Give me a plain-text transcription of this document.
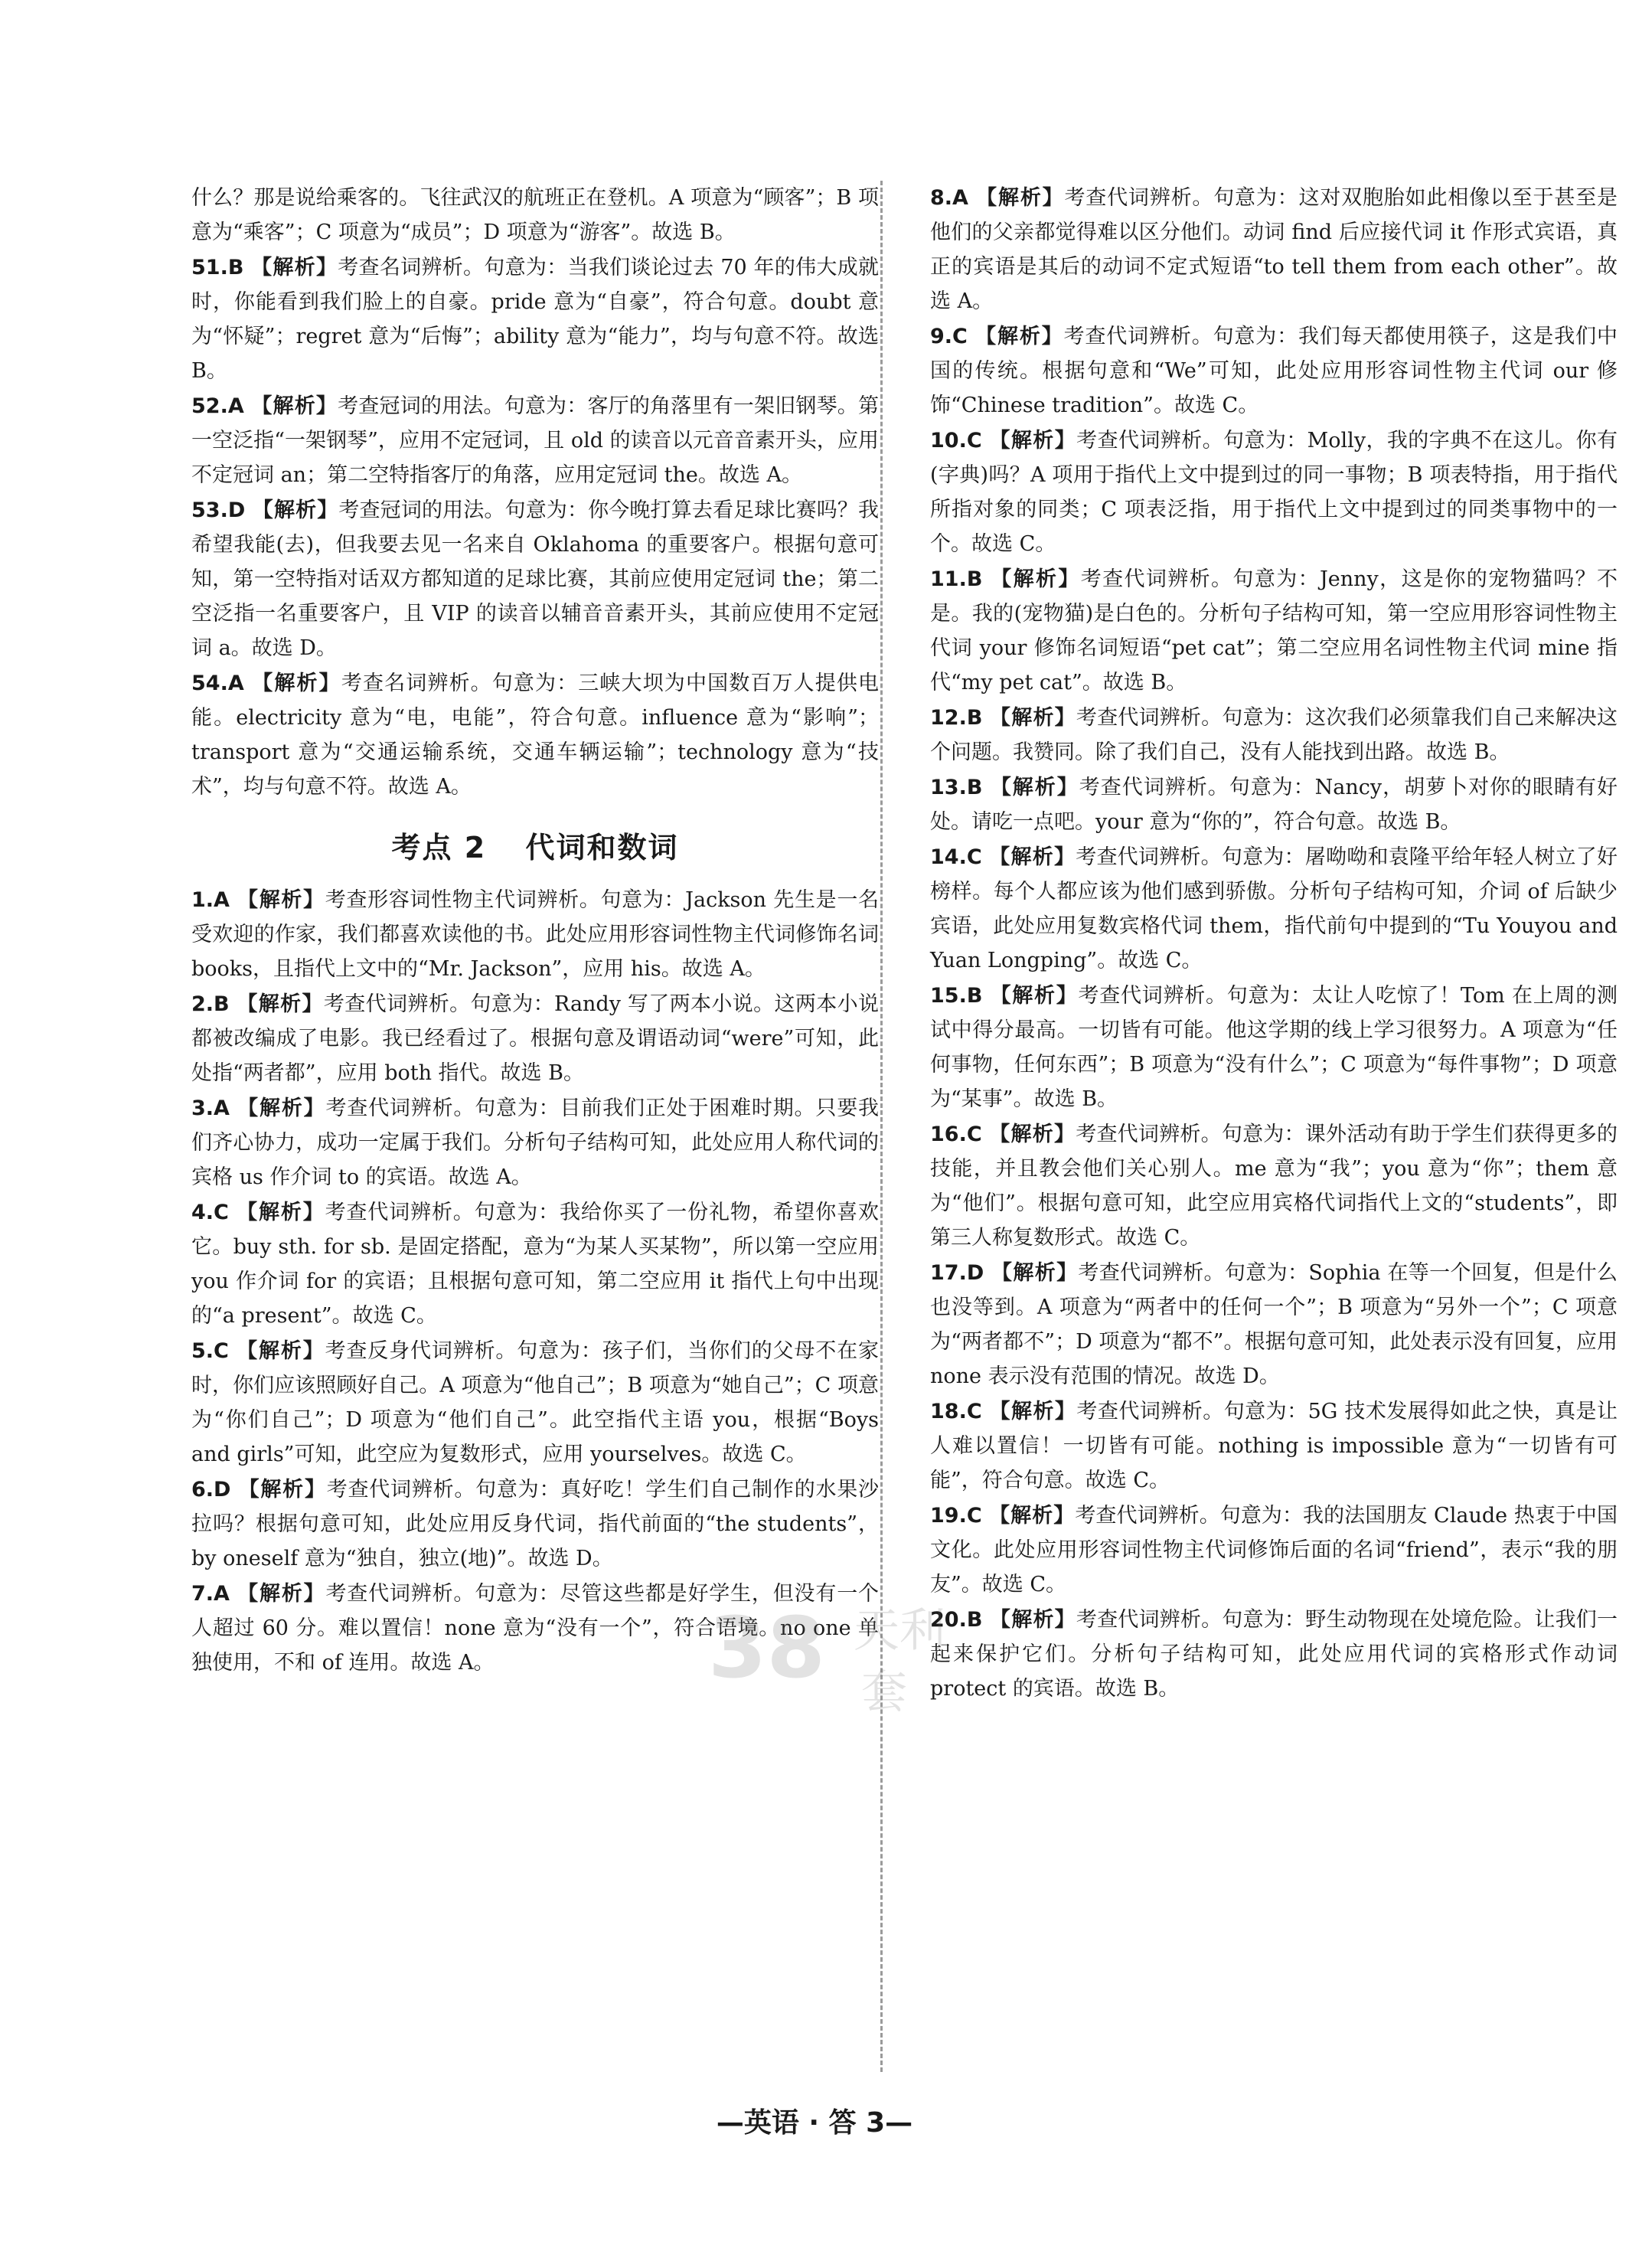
什么？那是说给乘客的。飞往武汉的航班正在登机。A 项意为“顾客”；B 项意为“乘客”；C 项意为“成员”；D 项意为“游客”。故选 B。

51.B 【解析】考查名词辨析。句意为：当我们谈论过去 70 年的伟大成就时，你能看到我们脸上的自豪。pride 意为“自豪”，符合句意。doubt 意为“怀疑”；regret 意为“后悔”；ability 意为“能力”，均与句意不符。故选 B。

52.A 【解析】考查冠词的用法。句意为：客厅的角落里有一架旧钢琴。第一空泛指“一架钢琴”，应用不定冠词，且 old 的读音以元音音素开头，应用不定冠词 an；第二空特指客厅的角落，应用定冠词 the。故选 A。

53.D 【解析】考查冠词的用法。句意为：你今晚打算去看足球比赛吗？我希望我能(去)，但我要去见一名来自 Oklahoma 的重要客户。根据句意可知，第一空特指对话双方都知道的足球比赛，其前应使用定冠词 the；第二空泛指一名重要客户，且 VIP 的读音以辅音音素开头，其前应使用不定冠词 a。故选 D。

54.A 【解析】考查名词辨析。句意为：三峡大坝为中国数百万人提供电能。electricity 意为“电，电能”，符合句意。influence 意为“影响”；transport 意为“交通运输系统，交通车辆运输”；technology 意为“技术”，均与句意不符。故选 A。

考点 2 代词和数词

1.A 【解析】考查形容词性物主代词辨析。句意为：Jackson 先生是一名受欢迎的作家，我们都喜欢读他的书。此处应用形容词性物主代词修饰名词 books，且指代上文中的“Mr. Jackson”，应用 his。故选 A。

2.B 【解析】考查代词辨析。句意为：Randy 写了两本小说。这两本小说都被改编成了电影。我已经看过了。根据句意及谓语动词“were”可知，此处指“两者都”，应用 both 指代。故选 B。

3.A 【解析】考查代词辨析。句意为：目前我们正处于困难时期。只要我们齐心协力，成功一定属于我们。分析句子结构可知，此处应用人称代词的宾格 us 作介词 to 的宾语。故选 A。

4.C 【解析】考查代词辨析。句意为：我给你买了一份礼物，希望你喜欢它。buy sth. for sb. 是固定搭配，意为“为某人买某物”，所以第一空应用 you 作介词 for 的宾语；且根据句意可知，第二空应用 it 指代上句中出现的“a present”。故选 C。

5.C 【解析】考查反身代词辨析。句意为：孩子们，当你们的父母不在家时，你们应该照顾好自己。A 项意为“他自己”；B 项意为“她自己”；C 项意为“你们自己”；D 项意为“他们自己”。此空指代主语 you，根据“Boys and girls”可知，此空应为复数形式，应用 yourselves。故选 C。

6.D 【解析】考查代词辨析。句意为：真好吃！学生们自己制作的水果沙拉吗？根据句意可知，此处应用反身代词，指代前面的“the students”，by oneself 意为“独自，独立(地)”。故选 D。

7.A 【解析】考查代词辨析。句意为：尽管这些都是好学生，但没有一个人超过 60 分。难以置信！none 意为“没有一个”，符合语境。no one 单独使用，不和 of 连用。故选 A。

8.A 【解析】考查代词辨析。句意为：这对双胞胎如此相像以至于甚至是他们的父亲都觉得难以区分他们。动词 find 后应接代词 it 作形式宾语，真正的宾语是其后的动词不定式短语“to tell them from each other”。故选 A。

9.C 【解析】考查代词辨析。句意为：我们每天都使用筷子，这是我们中国的传统。根据句意和“We”可知，此处应用形容词性物主代词 our 修饰“Chinese tradition”。故选 C。

10.C 【解析】考查代词辨析。句意为：Molly，我的字典不在这儿。你有(字典)吗？A 项用于指代上文中提到过的同一事物；B 项表特指，用于指代所指对象的同类；C 项表泛指，用于指代上文中提到过的同类事物中的一个。故选 C。

11.B 【解析】考查代词辨析。句意为：Jenny，这是你的宠物猫吗？不是。我的(宠物猫)是白色的。分析句子结构可知，第一空应用形容词性物主代词 your 修饰名词短语“pet cat”；第二空应用名词性物主代词 mine 指代“my pet cat”。故选 B。

12.B 【解析】考查代词辨析。句意为：这次我们必须靠我们自己来解决这个问题。我赞同。除了我们自己，没有人能找到出路。故选 B。

13.B 【解析】考查代词辨析。句意为：Nancy，胡萝卜对你的眼睛有好处。请吃一点吧。your 意为“你的”，符合句意。故选 B。

14.C 【解析】考查代词辨析。句意为：屠呦呦和袁隆平给年轻人树立了好榜样。每个人都应该为他们感到骄傲。分析句子结构可知，介词 of 后缺少宾语，此处应用复数宾格代词 them，指代前句中提到的“Tu Youyou and Yuan Longping”。故选 C。

15.B 【解析】考查代词辨析。句意为：太让人吃惊了！Tom 在上周的测试中得分最高。一切皆有可能。他这学期的线上学习很努力。A 项意为“任何事物，任何东西”；B 项意为“没有什么”；C 项意为“每件事物”；D 项意为“某事”。故选 B。

16.C 【解析】考查代词辨析。句意为：课外活动有助于学生们获得更多的技能，并且教会他们关心别人。me 意为“我”；you 意为“你”；them 意为“他们”。根据句意可知，此空应用宾格代词指代上文的“students”，即第三人称复数形式。故选 C。

17.D 【解析】考查代词辨析。句意为：Sophia 在等一个回复，但是什么也没等到。A 项意为“两者中的任何一个”；B 项意为“另外一个”；C 项意为“两者都不”；D 项意为“都不”。根据句意可知，此处表示没有回复，应用 none 表示没有范围的情况。故选 D。

18.C 【解析】考查代词辨析。句意为：5G 技术发展得如此之快，真是让人难以置信！一切皆有可能。nothing is impossible 意为“一切皆有可能”，符合句意。故选 C。

19.C 【解析】考查代词辨析。句意为：我的法国朋友 Claude 热衷于中国文化。此处应用形容词性物主代词修饰后面的名词“friend”，表示“我的朋友”。故选 C。

20.B 【解析】考查代词辨析。句意为：野生动物现在处境危险。让我们一起来保护它们。分析句子结构可知，此处应用代词的宾格形式作动词 protect 的宾语。故选 B。

—英语 · 答 3—
38 天利
套
